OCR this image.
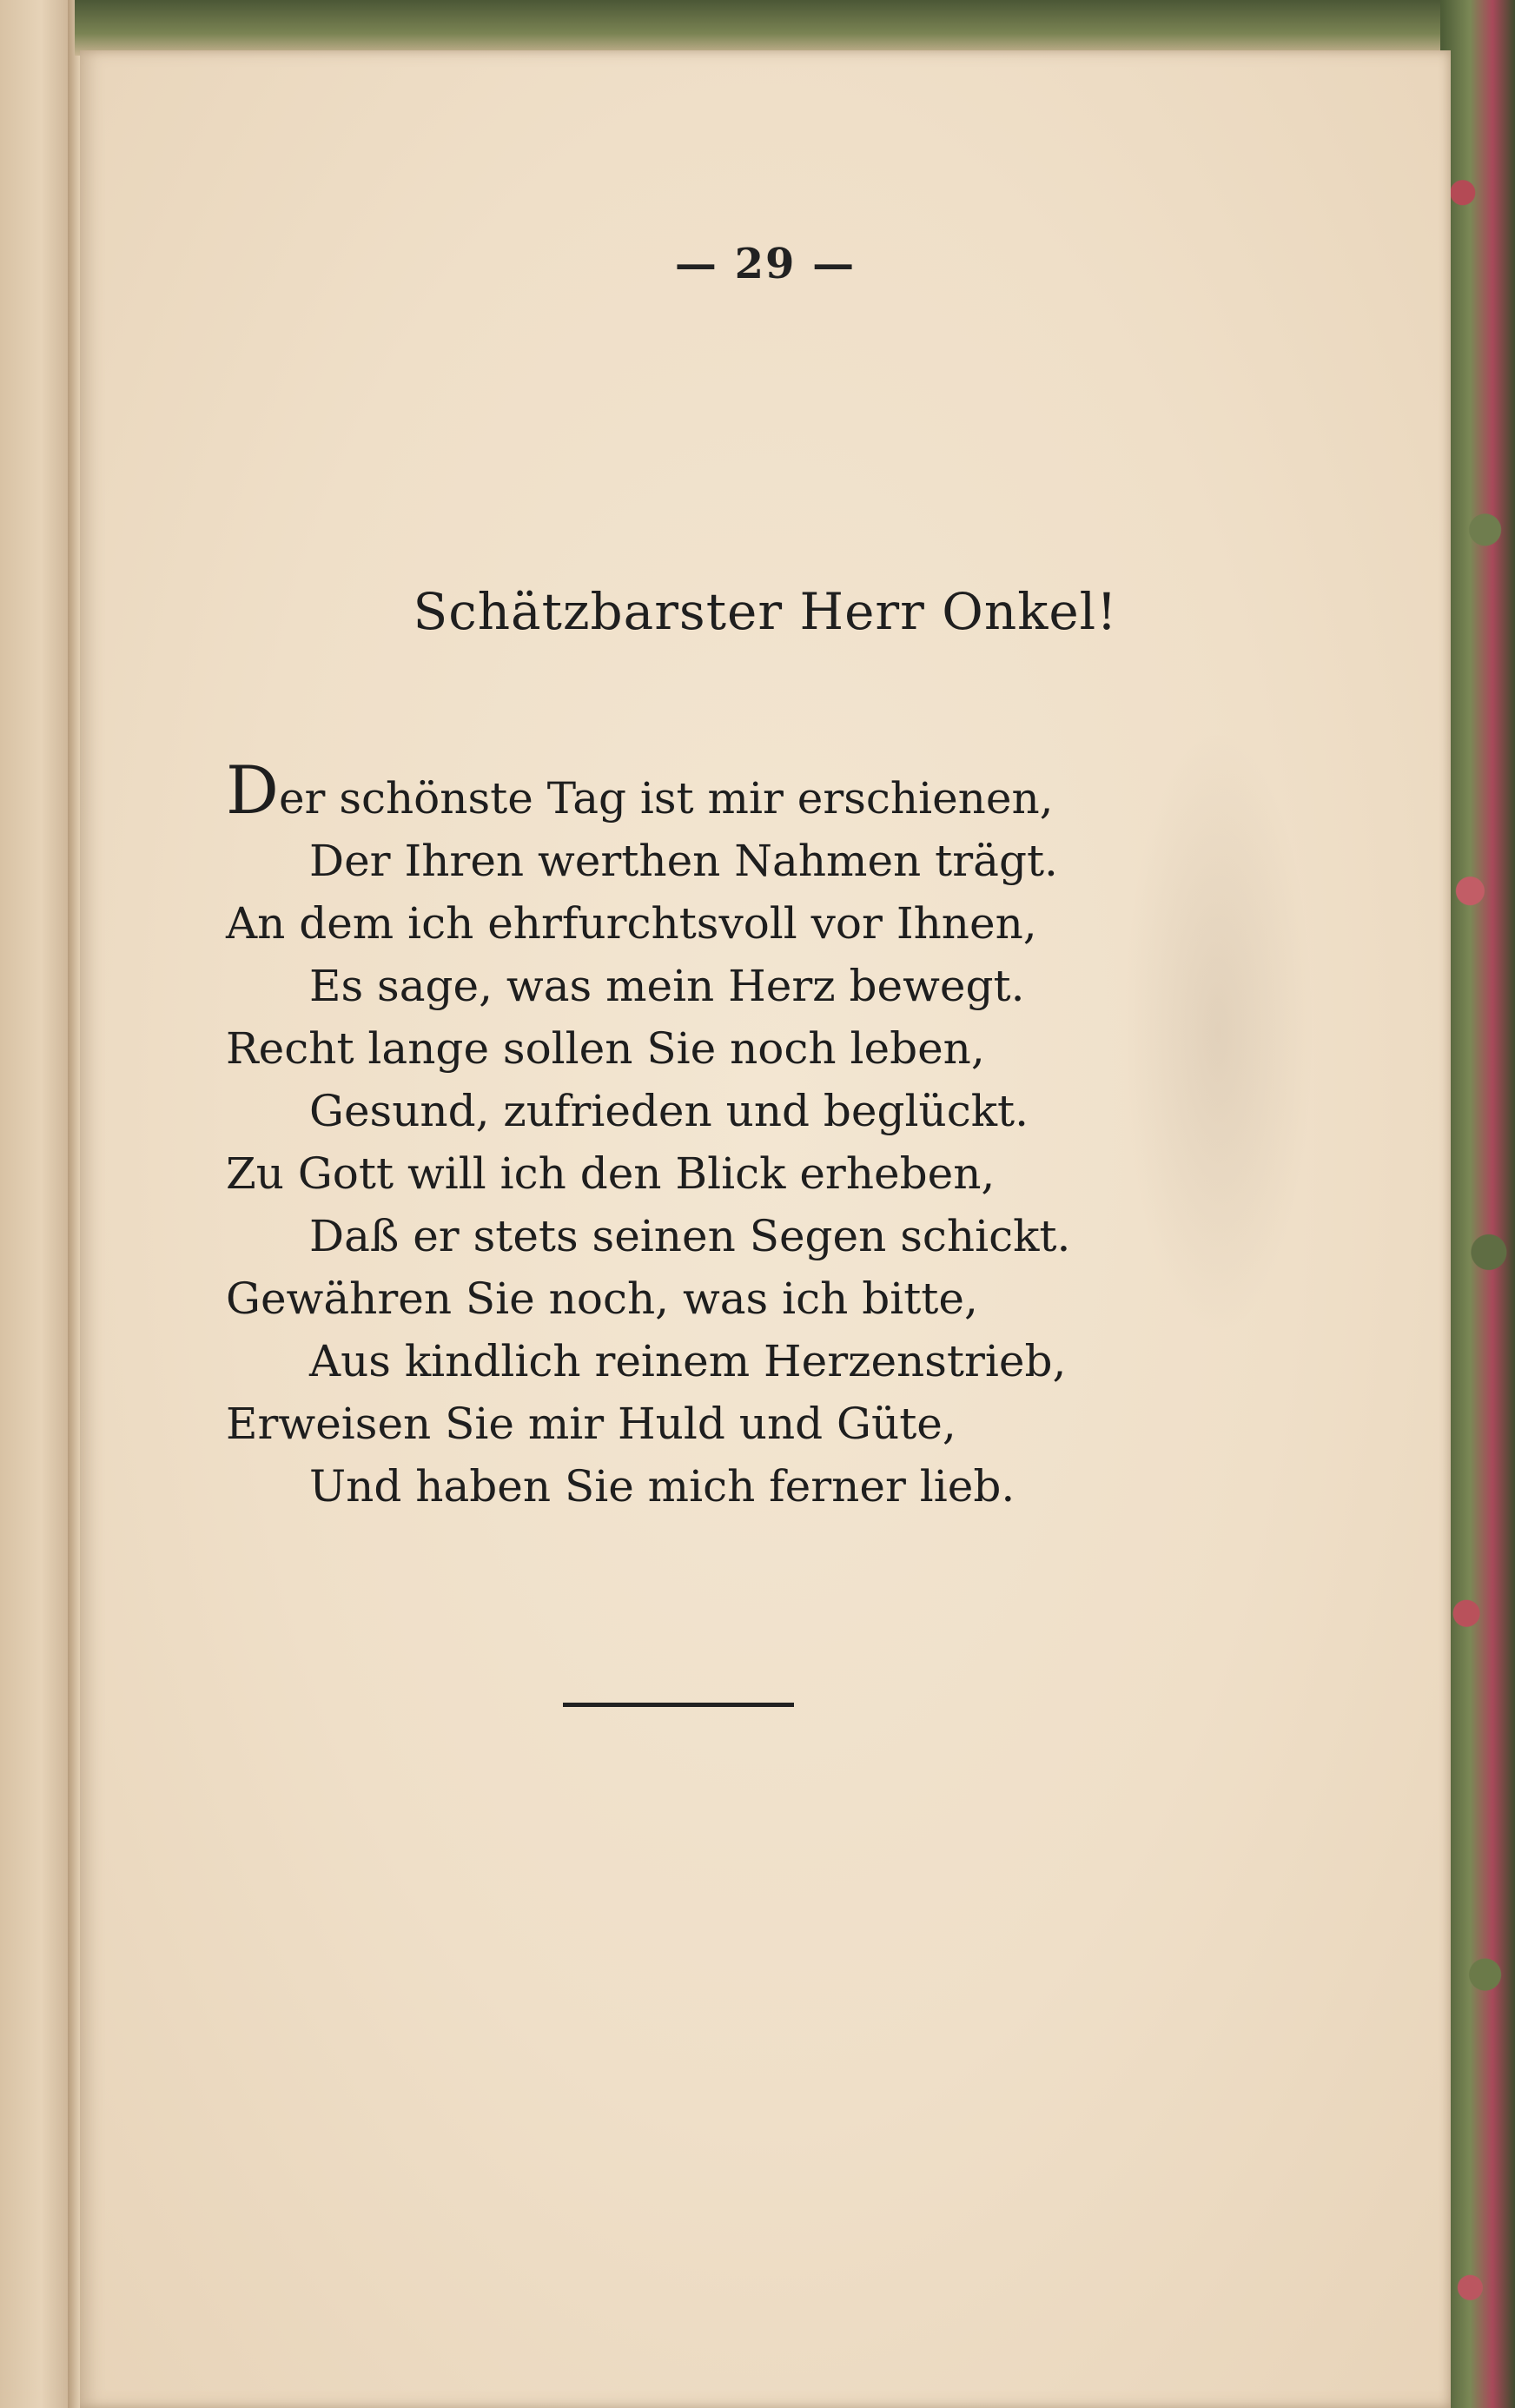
— 29 —
Schätzbarster Herr Onkel!
Der schönste Tag ist mir erschienen,
Der Ihren werthen Nahmen trägt.
An dem ich ehrfurchtsvoll vor Ihnen,
Es sage, was mein Herz bewegt.
Recht lange sollen Sie noch leben,
Gesund, zufrieden und beglückt.
Zu Gott will ich den Blick erheben,
Daß er stets seinen Segen schickt.
Gewähren Sie noch, was ich bitte,
Aus kindlich reinem Herzenstrieb,
Erweisen Sie mir Huld und Güte,
Und haben Sie mich ferner lieb.
